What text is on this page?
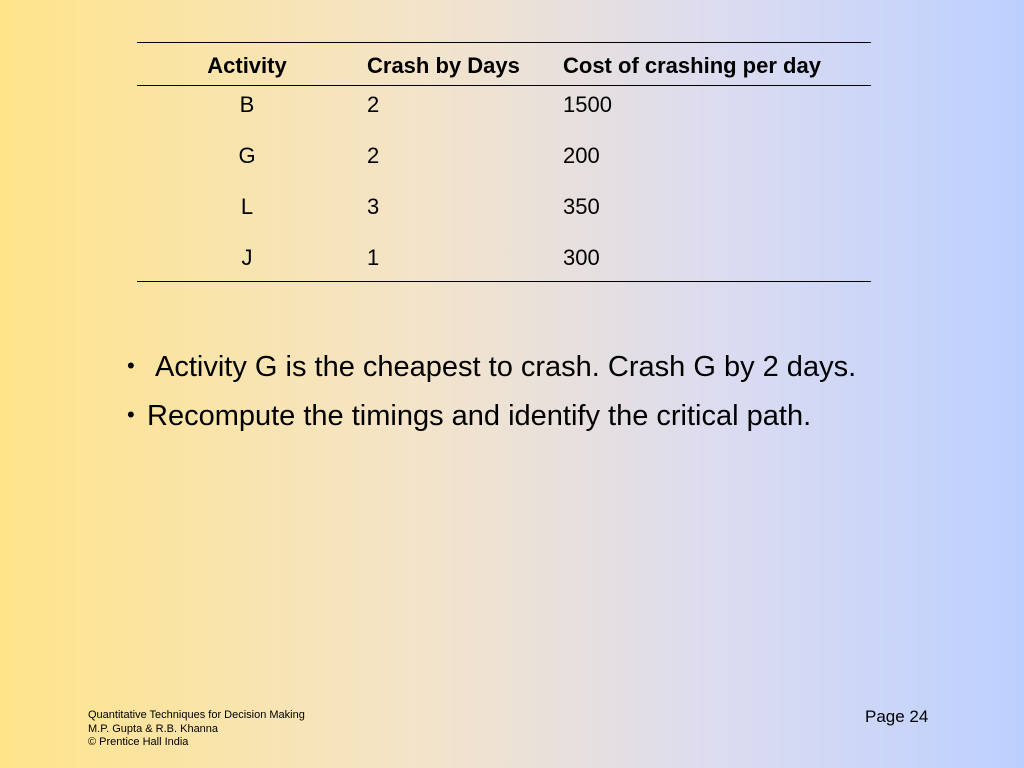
Activity	Crash by Days	Cost of crashing per day
B	2	1500
G	2	200
L	3	350
J	1	300
• Activity G is the cheapest to crash. Crash G by 2 days.
• Recompute the timings and identify the critical path.
Quantitative Techniques for Decision Making
M.P. Gupta & R.B. Khanna
© Prentice Hall India
Page 24
